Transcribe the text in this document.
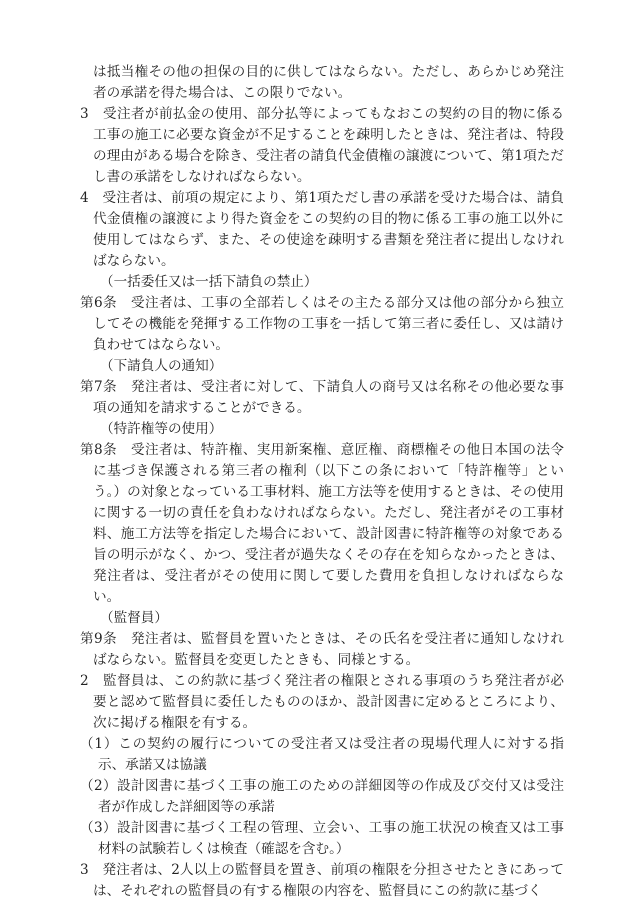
は抵当権その他の担保の目的に供してはならない。ただし、あらかじめ発注者の承諾を得た場合は、この限りでない。

3　受注者が前払金の使用、部分払等によってもなおこの契約の目的物に係る工事の施工に必要な資金が不足することを疎明したときは、発注者は、特段の理由がある場合を除き、受注者の請負代金債権の譲渡について、第1項ただし書の承諾をしなければならない。

4　受注者は、前項の規定により、第1項ただし書の承諾を受けた場合は、請負代金債権の譲渡により得た資金をこの契約の目的物に係る工事の施工以外に使用してはならず、また、その使途を疎明する書類を発注者に提出しなければならない。

（一括委任又は一括下請負の禁止）

第6条　受注者は、工事の全部若しくはその主たる部分又は他の部分から独立してその機能を発揮する工作物の工事を一括して第三者に委任し、又は請け負わせてはならない。

（下請負人の通知）

第7条　発注者は、受注者に対して、下請負人の商号又は名称その他必要な事項の通知を請求することができる。

（特許権等の使用）

第8条　受注者は、特許権、実用新案権、意匠権、商標権その他日本国の法令に基づき保護される第三者の権利（以下この条において「特許権等」という。）の対象となっている工事材料、施工方法等を使用するときは、その使用に関する一切の責任を負わなければならない。ただし、発注者がその工事材料、施工方法等を指定した場合において、設計図書に特許権等の対象である旨の明示がなく、かつ、受注者が過失なくその存在を知らなかったときは、発注者は、受注者がその使用に関して要した費用を負担しなければならない。

（監督員）

第9条　発注者は、監督員を置いたときは、その氏名を受注者に通知しなければならない。監督員を変更したときも、同様とする。

2　監督員は、この約款に基づく発注者の権限とされる事項のうち発注者が必要と認めて監督員に委任したもののほか、設計図書に定めるところにより、次に掲げる権限を有する。

（1）この契約の履行についての受注者又は受注者の現場代理人に対する指示、承諾又は協議

（2）設計図書に基づく工事の施工のための詳細図等の作成及び交付又は受注者が作成した詳細図等の承諾

（3）設計図書に基づく工程の管理、立会い、工事の施工状況の検査又は工事材料の試験若しくは検査（確認を含む。）

3　発注者は、2人以上の監督員を置き、前項の権限を分担させたときにあっては、それぞれの監督員の有する権限の内容を、監督員にこの約款に基づく
